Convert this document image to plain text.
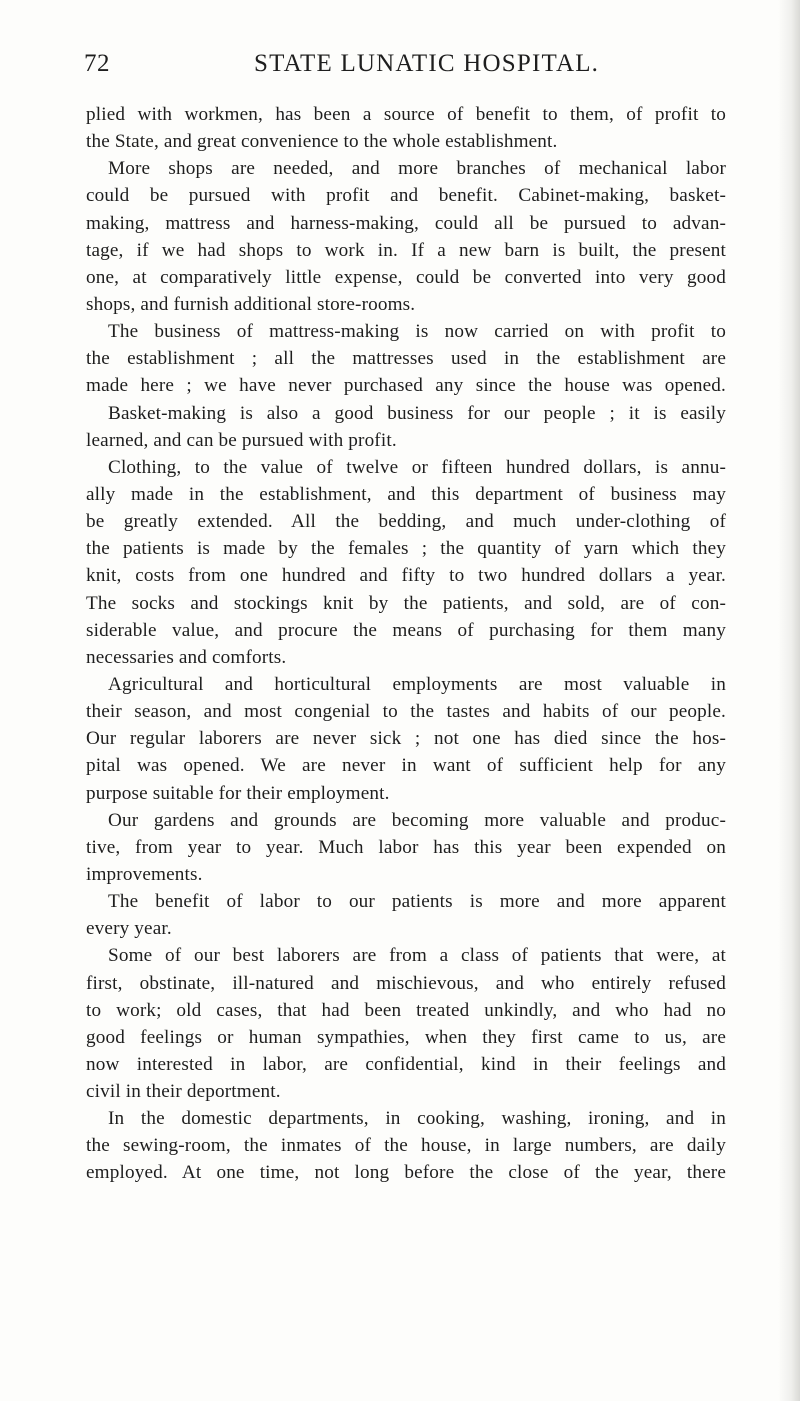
72	STATE LUNATIC HOSPITAL.
plied with workmen, has been a source of benefit to them, of profit to
the State, and great convenience to the whole establishment.
More shops are needed, and more branches of mechanical labor
could be pursued with profit and benefit. Cabinet-making, basket-
making, mattress and harness-making, could all be pursued to advan-
tage, if we had shops to work in. If a new barn is built, the present
one, at comparatively little expense, could be converted into very good
shops, and furnish additional store-rooms.
The business of mattress-making is now carried on with profit to
the establishment ; all the mattresses used in the establishment are
made here ; we have never purchased any since the house was opened.
Basket-making is also a good business for our people ; it is easily
learned, and can be pursued with profit.
Clothing, to the value of twelve or fifteen hundred dollars, is annu-
ally made in the establishment, and this department of business may
be greatly extended. All the bedding, and much under-clothing of
the patients is made by the females ; the quantity of yarn which they
knit, costs from one hundred and fifty to two hundred dollars a year.
The socks and stockings knit by the patients, and sold, are of con-
siderable value, and procure the means of purchasing for them many
necessaries and comforts.
Agricultural and horticultural employments are most valuable in
their season, and most congenial to the tastes and habits of our people.
Our regular laborers are never sick ; not one has died since the hos-
pital was opened. We are never in want of sufficient help for any
purpose suitable for their employment.
Our gardens and grounds are becoming more valuable and produc-
tive, from year to year. Much labor has this year been expended on
improvements.
The benefit of labor to our patients is more and more apparent
every year.
Some of our best laborers are from a class of patients that were, at
first, obstinate, ill-natured and mischievous, and who entirely refused
to work; old cases, that had been treated unkindly, and who had no
good feelings or human sympathies, when they first came to us, are
now interested in labor, are confidential, kind in their feelings and
civil in their deportment.
In the domestic departments, in cooking, washing, ironing, and in
the sewing-room, the inmates of the house, in large numbers, are daily
employed. At one time, not long before the close of the year, there
